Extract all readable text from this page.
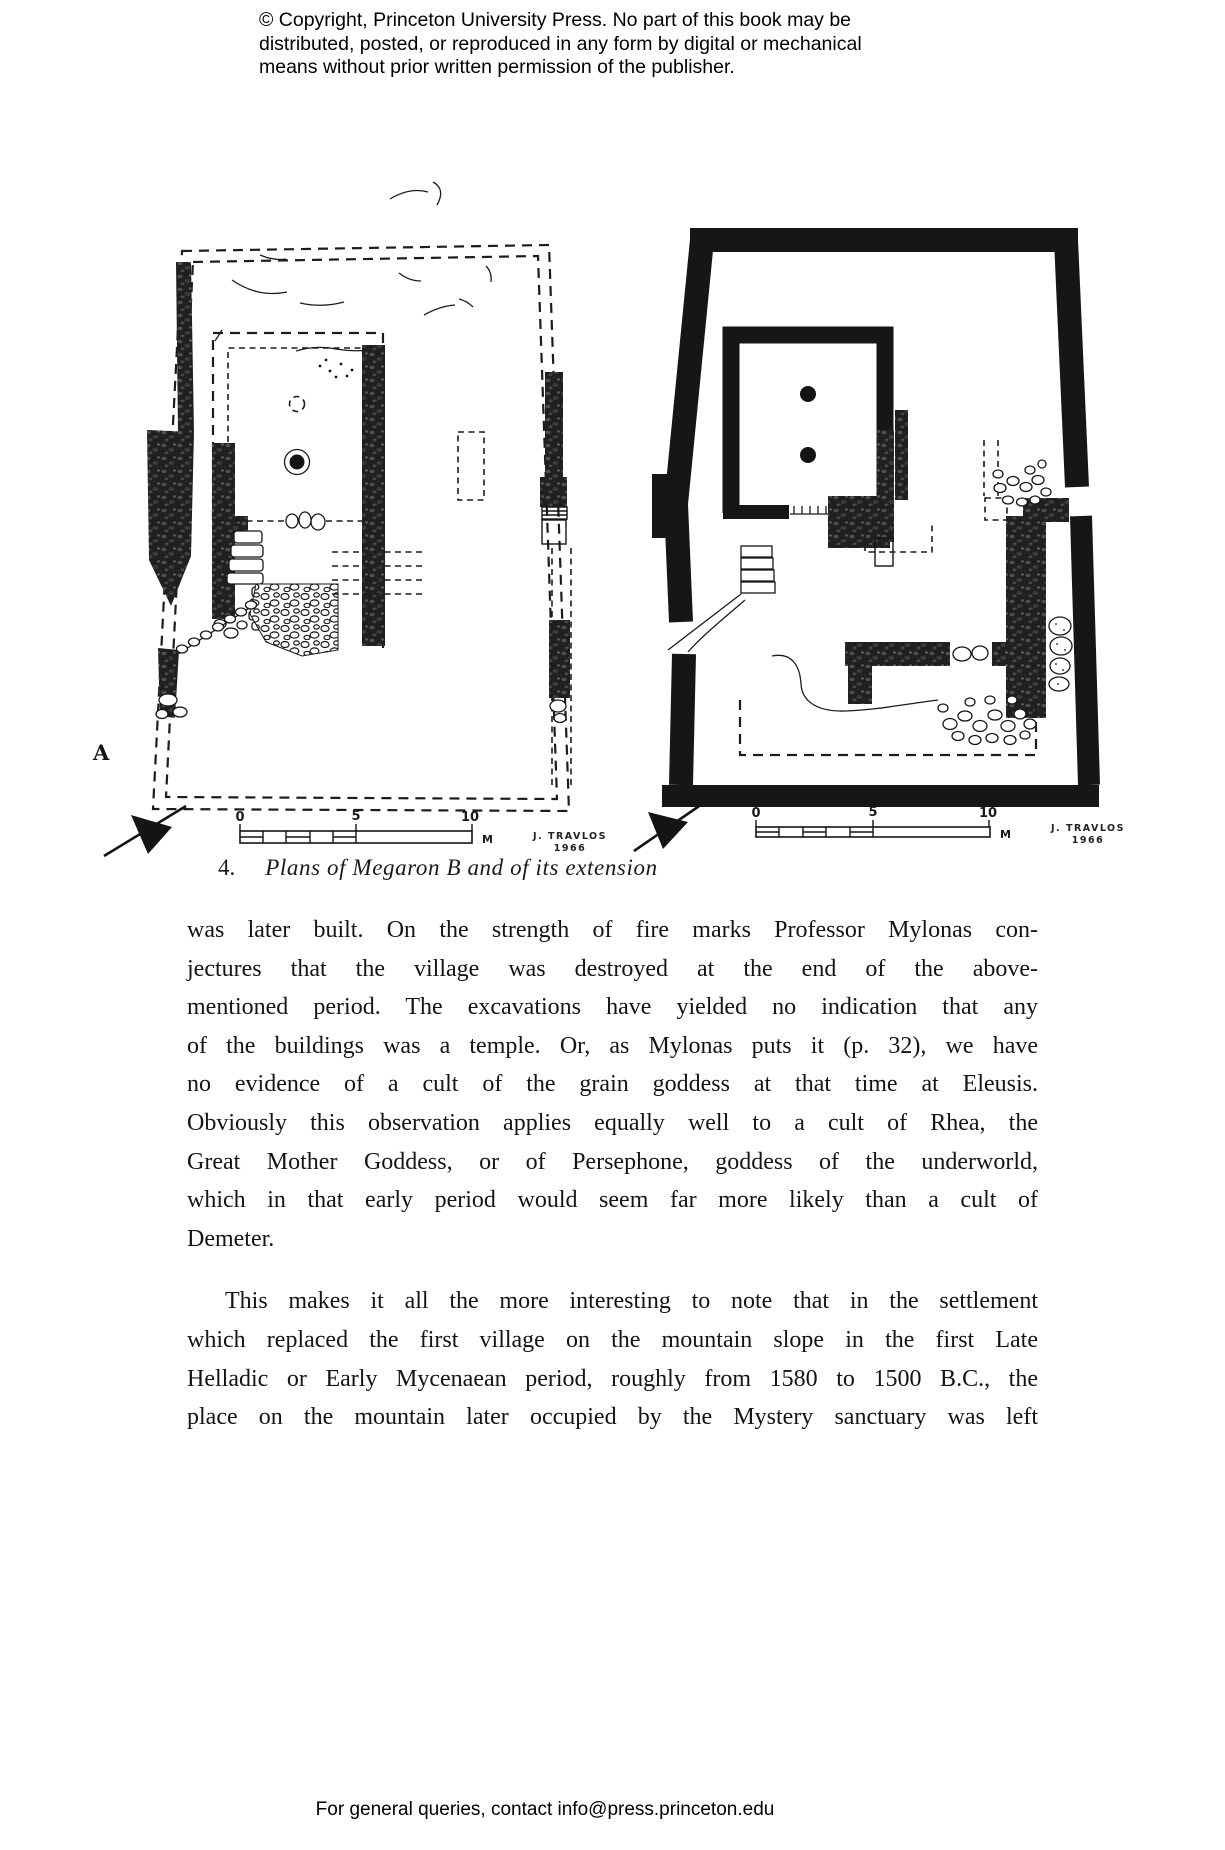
© Copyright, Princeton University Press. No part of this book may be
distributed, posted, or reproduced in any form by digital or mechanical
means without prior written permission of the publisher.
A
0	5	10
M	J. TRAVLOS
1966
0	5	10
M	J. TRAVLOS
1966
4. Plans of Megaron B and of its extension
was later built. On the strength of fire marks Professor Mylonas con-
jectures that the village was destroyed at the end of the above-
mentioned period. The excavations have yielded no indication that any
of the buildings was a temple. Or, as Mylonas puts it (p. 32), we have
no evidence of a cult of the grain goddess at that time at Eleusis.
Obviously this observation applies equally well to a cult of Rhea, the
Great Mother Goddess, or of Persephone, goddess of the underworld,
which in that early period would seem far more likely than a cult of
Demeter.
This makes it all the more interesting to note that in the settlement
which replaced the first village on the mountain slope in the first Late
Helladic or Early Mycenaean period, roughly from 1580 to 1500 B.C., the
place on the mountain later occupied by the Mystery sanctuary was left
For general queries, contact info@press.princeton.edu
